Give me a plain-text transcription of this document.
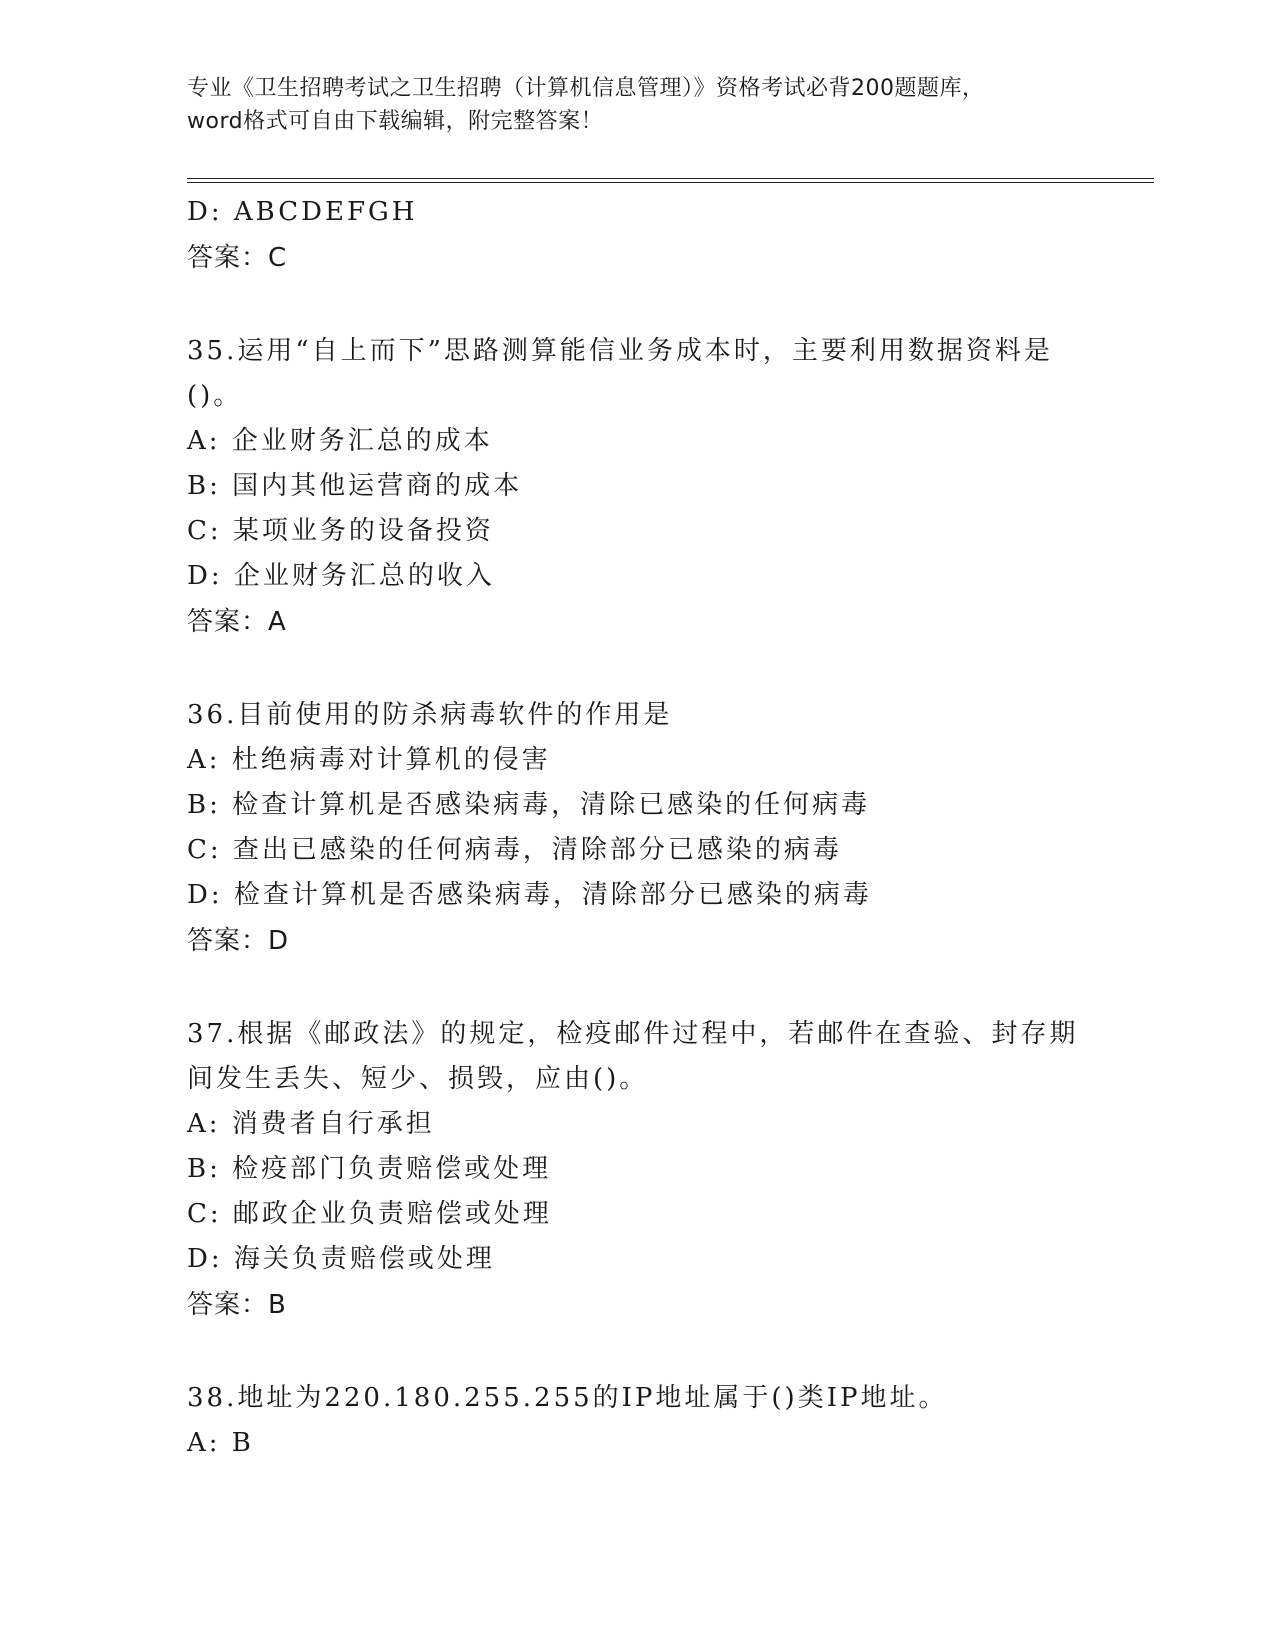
专业《卫生招聘考试之卫生招聘（计算机信息管理）》资格考试必背200题题库，
word格式可自由下载编辑，附完整答案！
D: ABCDEFGH
答案：C
35.运用“自上而下”思路测算能信业务成本时，主要利用数据资料是
()。
A: 企业财务汇总的成本
B: 国内其他运营商的成本
C: 某项业务的设备投资
D: 企业财务汇总的收入
答案：A
36.目前使用的防杀病毒软件的作用是
A: 杜绝病毒对计算机的侵害
B: 检查计算机是否感染病毒，清除已感染的任何病毒
C: 查出已感染的任何病毒，清除部分已感染的病毒
D: 检查计算机是否感染病毒，清除部分已感染的病毒
答案：D
37.根据《邮政法》的规定，检疫邮件过程中，若邮件在查验、封存期
间发生丢失、短少、损毁，应由()。
A: 消费者自行承担
B: 检疫部门负责赔偿或处理
C: 邮政企业负责赔偿或处理
D: 海关负责赔偿或处理
答案：B
38.地址为220.180.255.255的IP地址属于()类IP地址。
A: B
